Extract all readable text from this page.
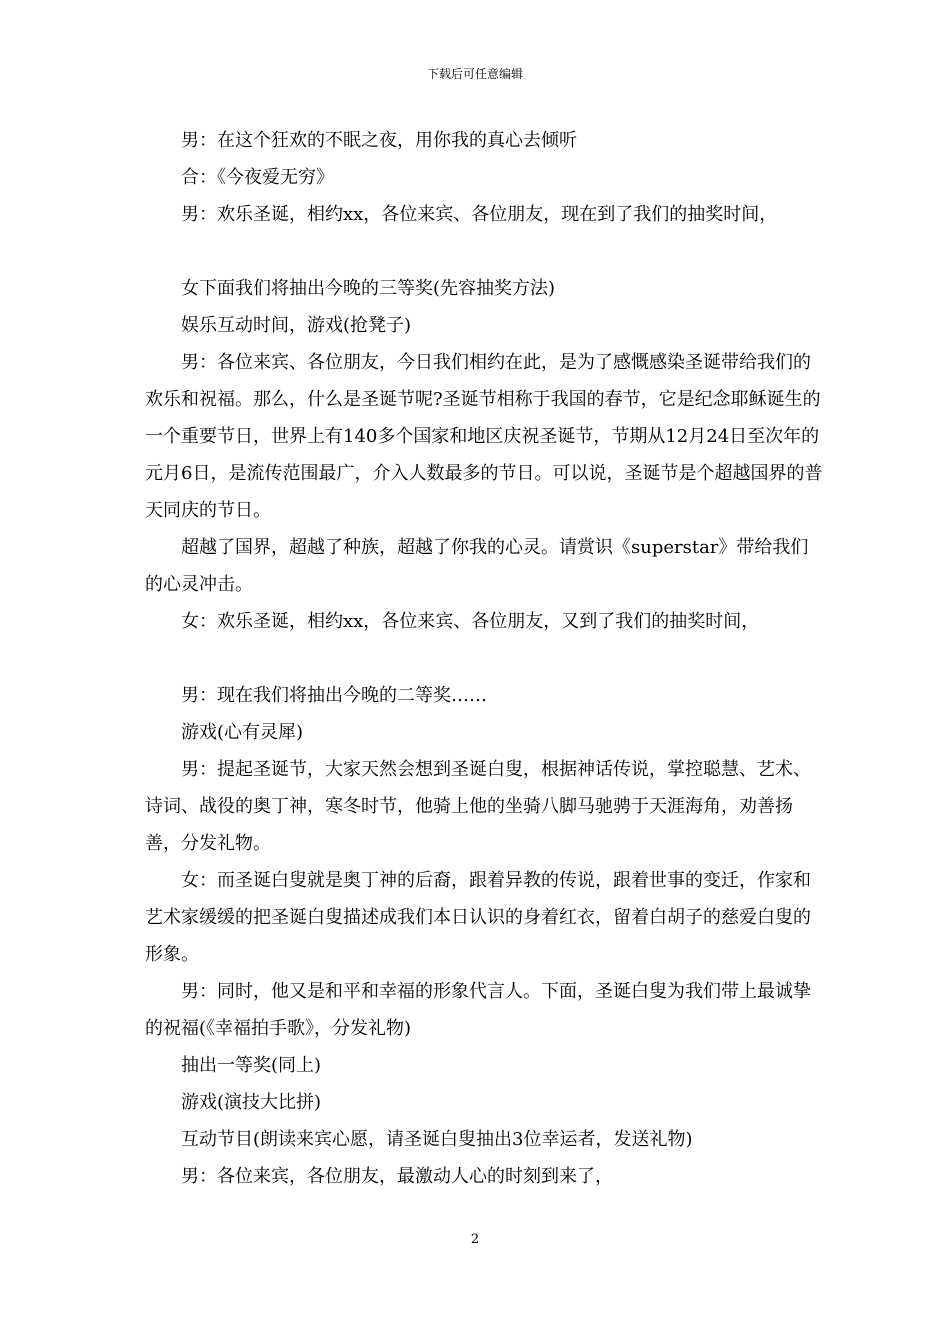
下载后可任意编辑

男：在这个狂欢的不眠之夜，用你我的真心去倾听

合：《今夜爱无穷》

男：欢乐圣诞，相约xx，各位来宾、各位朋友，现在到了我们的抽奖时间，

女下面我们将抽出今晚的三等奖(先容抽奖方法)

娱乐互动时间，游戏(抢凳子)

男：各位来宾、各位朋友，今日我们相约在此，是为了感慨感染圣诞带给我们的欢乐和祝福。那么，什么是圣诞节呢?圣诞节相称于我国的春节，它是纪念耶稣诞生的一个重要节日，世界上有140多个国家和地区庆祝圣诞节，节期从12月24日至次年的元月6日，是流传范围最广，介入人数最多的节日。可以说，圣诞节是个超越国界的普天同庆的节日。

超越了国界，超越了种族，超越了你我的心灵。请赏识《superstar》带给我们的心灵冲击。

女：欢乐圣诞，相约xx，各位来宾、各位朋友，又到了我们的抽奖时间，

男：现在我们将抽出今晚的二等奖……

游戏(心有灵犀)

男：提起圣诞节，大家天然会想到圣诞白叟，根据神话传说，掌控聪慧、艺术、诗词、战役的奥丁神，寒冬时节，他骑上他的坐骑八脚马驰骋于天涯海角，劝善扬善，分发礼物。

女：而圣诞白叟就是奥丁神的后裔，跟着异教的传说，跟着世事的变迁，作家和艺术家缓缓的把圣诞白叟描述成我们本日认识的身着红衣，留着白胡子的慈爱白叟的形象。

男：同时，他又是和平和幸福的形象代言人。下面，圣诞白叟为我们带上最诚挚的祝福(《幸福拍手歌》，分发礼物)

抽出一等奖(同上)

游戏(演技大比拼)

互动节目(朗读来宾心愿，请圣诞白叟抽出3位幸运者，发送礼物)

男：各位来宾，各位朋友，最激动人心的时刻到来了，

2
